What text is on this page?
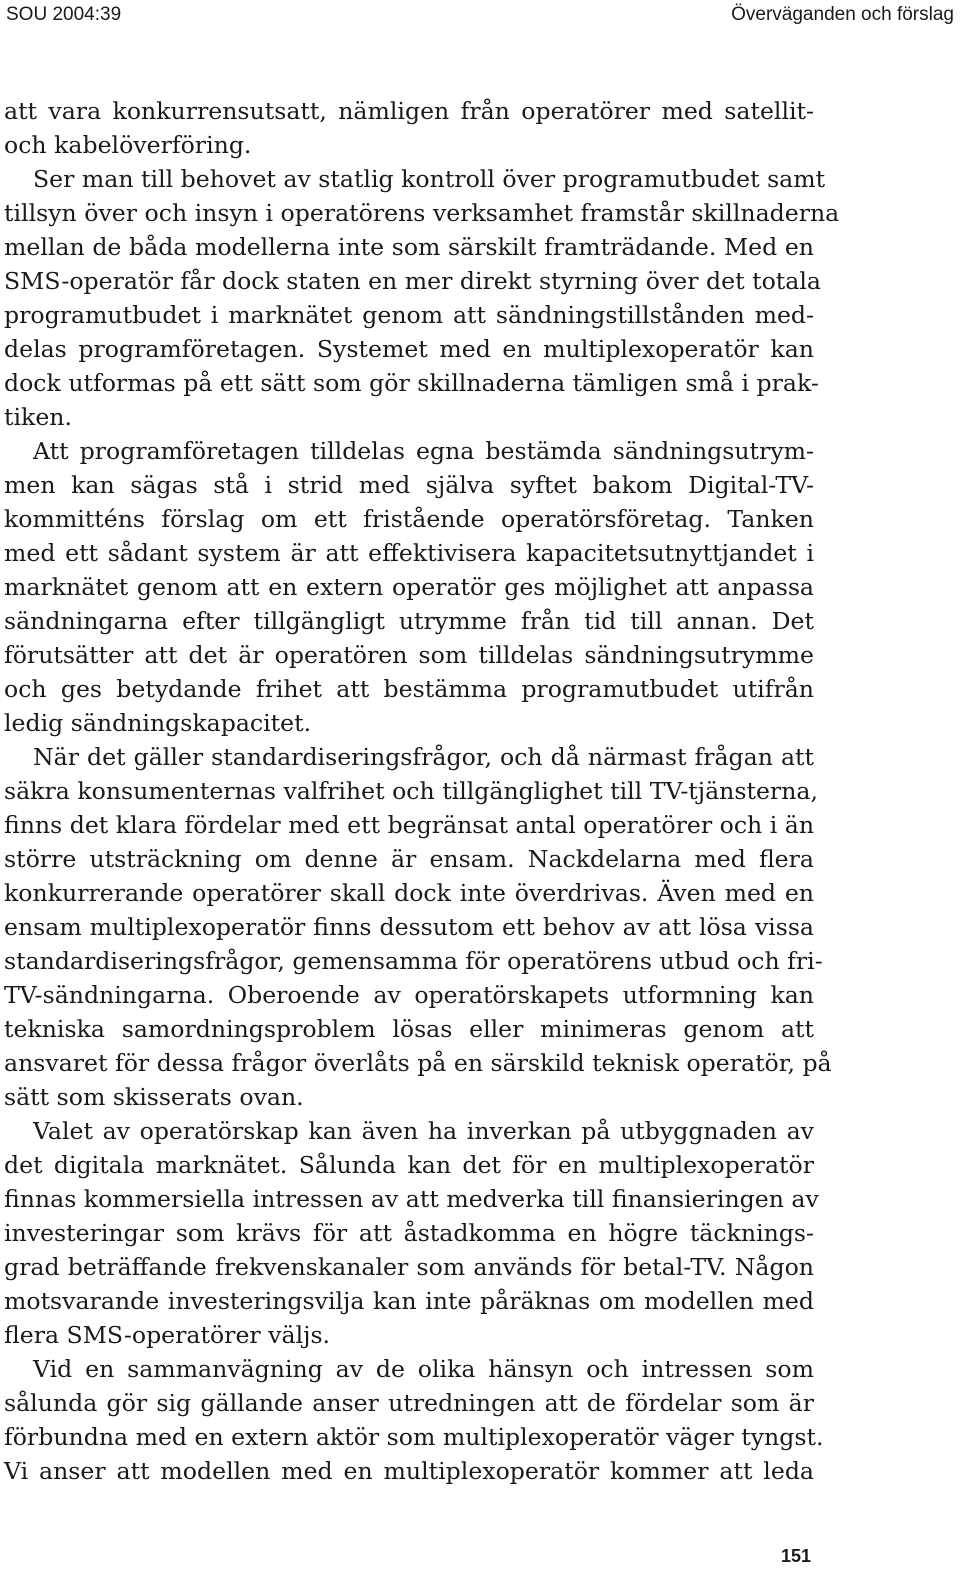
SOU 2004:39	Överväganden och förslag
att vara konkurrensutsatt, nämligen från operatörer med satellit-
och kabelöverföring.
Ser man till behovet av statlig kontroll över programutbudet samt
tillsyn över och insyn i operatörens verksamhet framstår skillnaderna
mellan de båda modellerna inte som särskilt framträdande. Med en
SMS-operatör får dock staten en mer direkt styrning över det totala
programutbudet i marknätet genom att sändningstillstånden med-
delas programföretagen. Systemet med en multiplexoperatör kan
dock utformas på ett sätt som gör skillnaderna tämligen små i prak-
tiken.
Att programföretagen tilldelas egna bestämda sändningsutrym-
men kan sägas stå i strid med själva syftet bakom Digital-TV-
kommitténs förslag om ett fristående operatörsföretag. Tanken
med ett sådant system är att effektivisera kapacitetsutnyttjandet i
marknätet genom att en extern operatör ges möjlighet att anpassa
sändningarna efter tillgängligt utrymme från tid till annan. Det
förutsätter att det är operatören som tilldelas sändningsutrymme
och ges betydande frihet att bestämma programutbudet utifrån
ledig sändningskapacitet.
När det gäller standardiseringsfrågor, och då närmast frågan att
säkra konsumenternas valfrihet och tillgänglighet till TV-tjänsterna,
finns det klara fördelar med ett begränsat antal operatörer och i än
större utsträckning om denne är ensam. Nackdelarna med flera
konkurrerande operatörer skall dock inte överdrivas. Även med en
ensam multiplexoperatör finns dessutom ett behov av att lösa vissa
standardiseringsfrågor, gemensamma för operatörens utbud och fri-
TV-sändningarna. Oberoende av operatörskapets utformning kan
tekniska samordningsproblem lösas eller minimeras genom att
ansvaret för dessa frågor överlåts på en särskild teknisk operatör, på
sätt som skisserats ovan.
Valet av operatörskap kan även ha inverkan på utbyggnaden av
det digitala marknätet. Sålunda kan det för en multiplexoperatör
finnas kommersiella intressen av att medverka till finansieringen av
investeringar som krävs för att åstadkomma en högre täcknings-
grad beträffande frekvenskanaler som används för betal-TV. Någon
motsvarande investeringsvilja kan inte påräknas om modellen med
flera SMS-operatörer väljs.
Vid en sammanvägning av de olika hänsyn och intressen som
sålunda gör sig gällande anser utredningen att de fördelar som är
förbundna med en extern aktör som multiplexoperatör väger tyngst.
Vi anser att modellen med en multiplexoperatör kommer att leda
151
